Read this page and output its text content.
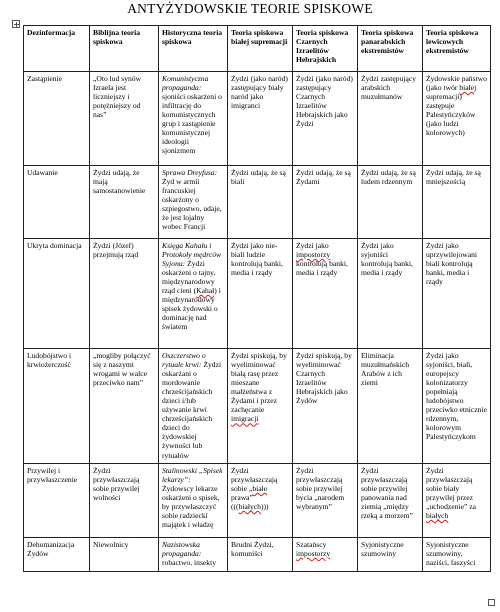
ANTYŻYDOWSKIE TEORIE SPISKOWE
Dezinformacja	Biblijna teoria spiskowa	Historyczna teoria spiskowa	Teoria spiskowa białej supremacji	Teoria spiskowa Czarnych Izraelitów Hebrajskich	Teoria spiskowa panarabskich ekstremistów	Teoria spiskowa lewicowych ekstremistów
Zastąpienie	„Oto lud synów Izraela jest liczniejszy i potężniejszy od nas”	Komunistyczna propaganda: sjoniści oskarżeni o infiltrację do komunistycznych grup i zastąpienie komunistycznej ideologii sjonizmem	Żydzi (jako naród) zastępujący biały naród jako imigranci	Żydzi (jako naród) zastępujący Czarnych Izraelitów Hebrajskich jako Żydzi	Żydzi zastępujący arabskich muzułmanów	Żydowskie państwo (jako twór białej supremacji) zastępuje Palestyńczyków (jako ludzi kolorowych)
Udawanie	Żydzi udają, że mają samostanowienie	Sprawa Dreyfusa: Żyd w armii francuskiej oskarżony o szpiegostwo, udaje, że jest lojalny wobec Francji	Żydzi udają, że są biali	Żydzi udają, że są Żydami	Żydzi udają, że są ludem rdzennym	Żydzi udają, że są mniejszością
Ukryta dominacja	Żydzi (Józef) przejmują rząd	Księga Kahału i Protokoły mędrców Syjonu: Żydzi oskarżeni o tajny, międzynarodowy rząd cieni (Kahał) i międzynarodowy spisek żydowski o dominację nad światem	Żydzi jako nie-biali ludzie kontrolują banki, media i rządy	Żydzi jako impostorzy kontrolują banki, media i rządy	Żydzi jako syjoniści kontrolują banki, media i rządy	Żydzi jako uprzywilejowani biali kontrolują banki, media i rządy
Ludobójstwo i krwiożerczość	„mogliby połączyć się z naszymi wrogami w walce przeciwko nam”	Oszczerstwo o rytuale krwi: Żydzi oskarżani o mordowanie chrześcijańskich dzieci i/lub używanie krwi chrześcijańskich dzieci do żydowskiej żywności lub rytuałów	Żydzi spiskują, by wyeliminować białą rasę przez mieszane małżeństwa z Żydami i przez zachęcanie imigracji	Żydzi spiskują, by wyeliminować Czarnych Izraelitów Hebrajskich jako Żydów	Eliminacja muzułmańskich Arabów z ich ziemi	Żydzi jako syjoniści, biali, europejscy kolonizatorzy popełniają ludobójstwo przeciwko etnicznie rdzennym, kolorowym Palestyńczykom
Przywilej i przywłaszczenie	Żydzi przywłaszczają sobie przywilej wolności	Stalinowski „Spisek lekarzy”: Żydowscy lekarze oskarżeni o spisek, by przywłaszczyć sobie radzieckí majątek i władzę	Żydzi przywłaszczają sobie „białe prawa” (((białych)))	Żydzi przywłaszczają sobie przywilej bycia „narodem wybranym”	Żydzi przywłaszczają sobie przywilej panowania nad ziemią „między rzeką a morzem”	Żydzi przywłaszczają sobie biały przywilej przez „uchodzenie” za białych
Dehumanizacja Żydów	Niewolnicy	Nazistowska propaganda: robactwo, insekty	Brudni Żydzi, komuniści	Szatańscy impostorzy	Syjonistyczne szumowiny	Syjonistyczne szumowiny, naziści, faszyści
